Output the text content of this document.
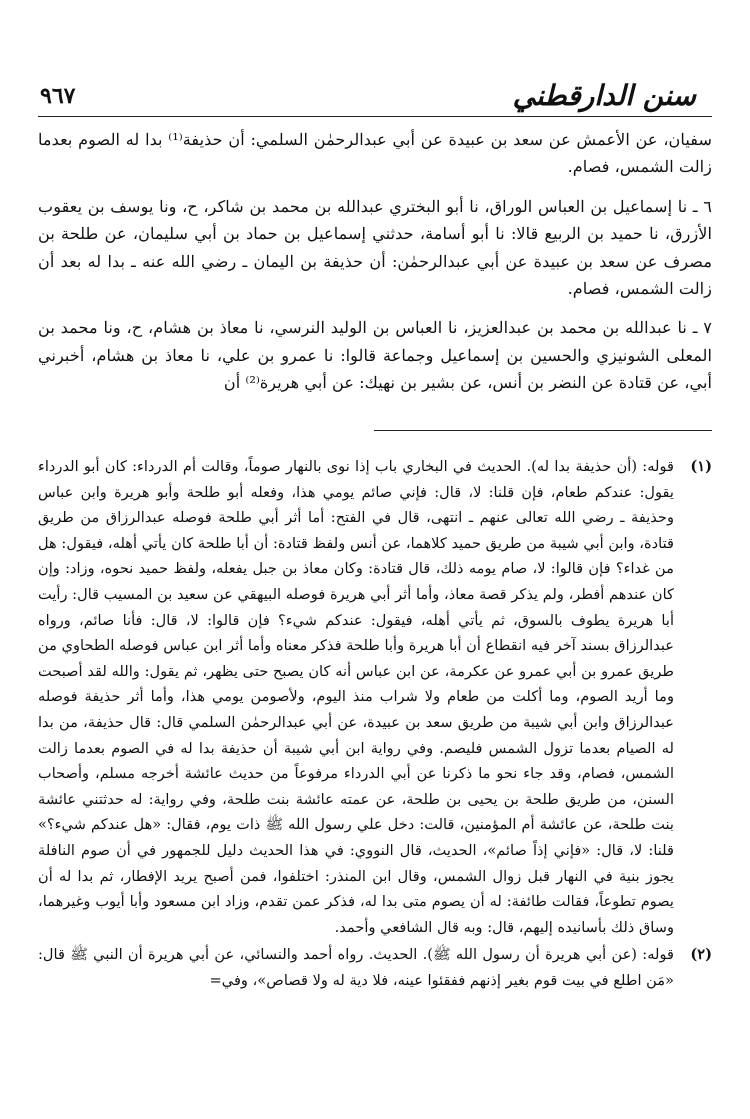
سنن الدارقطني
٩٦٧

سفيان، عن الأعمش عن سعد بن عبيدة عن أبي عبدالرحمٰن السلمي: أن حذيفة⁽¹⁾ بدا له الصوم بعدما زالت الشمس، فصام.

٦ ـ نا إسماعيل بن العباس الوراق، نا أبو البختري عبدالله بن محمد بن شاكر، ح، ونا يوسف بن يعقوب الأزرق، نا حميد بن الربيع قالا: نا أبو أسامة، حدثني إسماعيل بن حماد بن أبي سليمان، عن طلحة بن مصرف عن سعد بن عبيدة عن أبي عبدالرحمٰن: أن حذيفة بن اليمان ـ رضي الله عنه ـ بدا له بعد أن زالت الشمس، فصام.

٧ ـ نا عبدالله بن محمد بن عبدالعزيز، نا العباس بن الوليد النرسي، نا معاذ بن هشام، ح، ونا محمد بن المعلى الشونيزي والحسين بن إسماعيل وجماعة قالوا: نا عمرو بن علي، نا معاذ بن هشام، أخبرني أبي، عن قتادة عن النضر بن أنس، عن بشير بن نهيك: عن أبي هريرة⁽²⁾ أن

(١)
قوله: (أن حذيفة بدا له). الحديث في البخاري باب إذا نوى بالنهار صوماً، وقالت أم الدرداء: كان أبو الدرداء يقول: عندكم طعام، فإن قلنا: لا، قال: فإني صائم يومي هذا، وفعله أبو طلحة وأبو هريرة وابن عباس وحذيفة ـ رضي الله تعالى عنهم ـ انتهى، قال في الفتح: أما أثر أبي طلحة فوصله عبدالرزاق من طريق قتادة، وابن أبي شيبة من طريق حميد كلاهما، عن أنس ولفظ قتادة: أن أبا طلحة كان يأتي أهله، فيقول: هل من غداء؟ فإن قالوا: لا، صام يومه ذلك، قال قتادة: وكان معاذ بن جبل يفعله، ولفظ حميد نحوه، وزاد: وإن كان عندهم أفطر، ولم يذكر قصة معاذ، وأما أثر أبي هريرة فوصله البيهقي عن سعيد بن المسيب قال: رأيت أبا هريرة يطوف بالسوق، ثم يأتي أهله، فيقول: عندكم شيء؟ فإن قالوا: لا، قال: فأنا صائم، ورواه عبدالرزاق بسند آخر فيه انقطاع أن أبا هريرة وأبا طلحة فذكر معناه وأما أثر ابن عباس فوصله الطحاوي من طريق عمرو بن أبي عمرو عن عكرمة، عن ابن عباس أنه كان يصبح حتى يظهر، ثم يقول: والله لقد أصبحت وما أريد الصوم، وما أكلت من طعام ولا شراب منذ اليوم، ولأصومن يومي هذا، وأما أثر حذيفة فوصله عبدالرزاق وابن أبي شيبة من طريق سعد بن عبيدة، عن أبي عبدالرحمٰن السلمي قال: قال حذيفة، من بدا له الصيام بعدما تزول الشمس فليصم. وفي رواية ابن أبي شيبة أن حذيفة بدا له في الصوم بعدما زالت الشمس، فصام، وقد جاء نحو ما ذكرنا عن أبي الدرداء مرفوعاً من حديث عائشة أخرجه مسلم، وأصحاب السنن، من طريق طلحة بن يحيى بن طلحة، عن عمته عائشة بنت طلحة، وفي رواية: له حدثتني عائشة بنت طلحة، عن عائشة أم المؤمنين، قالت: دخل علي رسول الله ﷺ ذات يوم، فقال: «هل عندكم شيء؟» قلنا: لا، قال: «فإني إذاً صائم»، الحديث، قال النووي: في هذا الحديث دليل للجمهور في أن صوم النافلة يجوز بنية في النهار قبل زوال الشمس، وقال ابن المنذر: اختلفوا، فمن أصبح يريد الإفطار، ثم بدا له أن يصوم تطوعاً، فقالت طائفة: له أن يصوم متى بدا له، فذكر عمن تقدم، وزاد ابن مسعود وأبا أيوب وغيرهما، وساق ذلك بأسانيده إليهم، قال: وبه قال الشافعي وأحمد.
(٢)
قوله: (عن أبي هريرة أن رسول الله ﷺ). الحديث. رواه أحمد والنسائي، عن أبي هريرة أن النبي ﷺ قال: «مَن اطلع في بيت قوم بغير إذنهم ففقئوا عينه، فلا دية له ولا قصاص»، وفي=
